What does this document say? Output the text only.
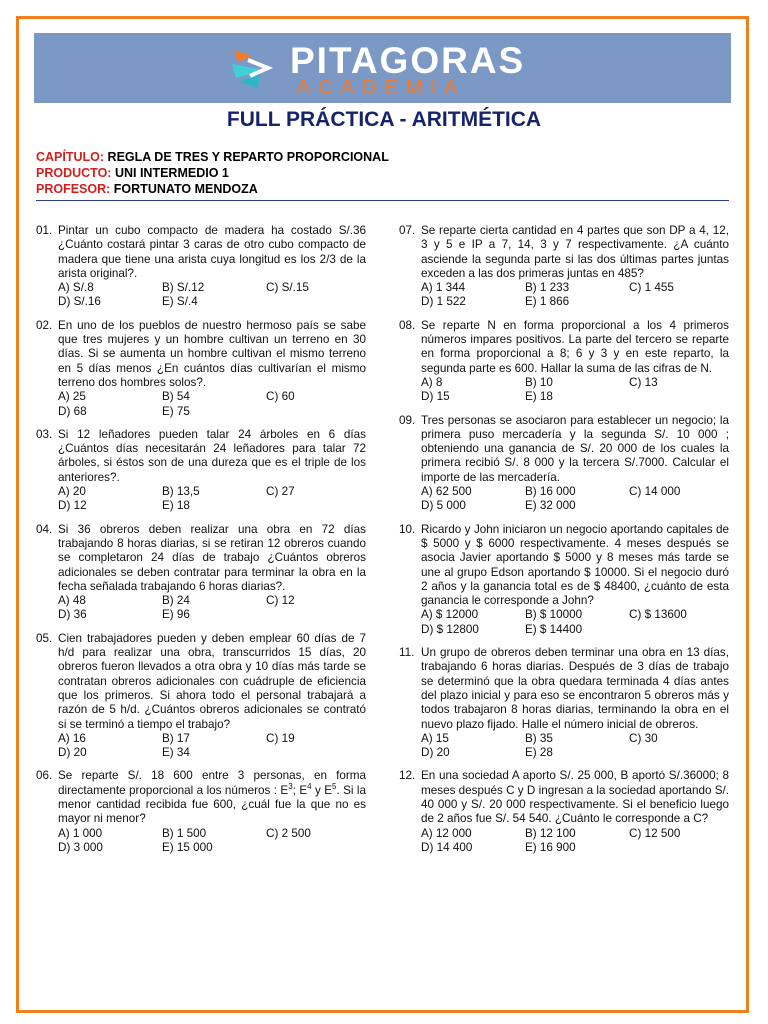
PITAGORAS
ACADEMIA
FULL PRÁCTICA - ARITMÉTICA
CAPÍTULO: REGLA DE TRES Y REPARTO PROPORCIONAL
PRODUCTO: UNI INTERMEDIO 1
PROFESOR: FORTUNATO MENDOZA
01. Pintar un cubo compacto de madera ha costado S/.36 ¿Cuánto costará pintar 3 caras de otro cubo compacto de madera que tiene una arista cuya longitud es los 2/3 de la arista original?.
A) S/.8	B) S/.12	C) S/.15
D) S/.16	E) S/.4
02. En uno de los pueblos de nuestro hermoso país se sabe que tres mujeres y un hombre cultivan un terreno en 30 días. Si se aumenta un hombre cultivan el mismo terreno en 5 días menos ¿En cuántos días cultivarían el mismo terreno dos hombres solos?.
A) 25	B) 54	C) 60
D) 68	E) 75
03. Si 12 leñadores pueden talar 24 árboles en 6 días ¿Cuántos días necesitarán 24 leñadores para talar 72 árboles, si éstos son de una dureza que es el triple de los anteriores?.
A) 20	B) 13,5	C) 27
D) 12	E) 18
04. Si 36 obreros deben realizar una obra en 72 días trabajando 8 horas diarias, si se retiran 12 obreros cuando se completaron 24 días de trabajo ¿Cuántos obreros adicionales se deben contratar para terminar la obra en la fecha señalada trabajando 6 horas diarias?.
A) 48	B) 24	C) 12
D) 36	E) 96
05. Cien trabajadores pueden y deben emplear 60 días de 7 h/d para realizar una obra, transcurridos 15 días, 20 obreros fueron llevados a otra obra y 10 días más tarde se contratan obreros adicionales con cuádruple de eficiencia que los primeros. Si ahora todo el personal trabajará a razón de 5 h/d. ¿Cuántos obreros adicionales se contrató si se terminó a tiempo el trabajo?
A) 16	B) 17	C) 19
D) 20	E) 34
06. Se reparte S/. 18 600 entre 3 personas, en forma directamente proporcional a los números : $E^3$; $E^4$ y $E^5$. Si la menor cantidad recibida fue 600, ¿cuál fue la que no es mayor ni menor?
A) 1 000	B) 1 500	C) 2 500
D) 3 000	E) 15 000
07. Se reparte cierta cantidad en 4 partes que son DP a 4, 12, 3 y 5 e IP a 7, 14, 3 y 7 respectivamente. ¿A cuánto asciende la segunda parte si las dos últimas partes juntas exceden a las dos primeras juntas en 485?
A) 1 344	B) 1 233	C) 1 455
D) 1 522	E) 1 866
08. Se reparte N en forma proporcional a los 4 primeros números impares positivos. La parte del tercero se reparte en forma proporcional a 8; 6 y 3 y en este reparto, la segunda parte es 600. Hallar la suma de las cifras de N.
A) 8	B) 10	C) 13
D) 15	E) 18
09. Tres personas se asociaron para establecer un negocio; la primera puso mercadería y la segunda S/. 10 000 ; obteniendo una ganancia de S/. 20 000 de los cuales la primera recibió S/. 8 000 y la tercera S/.7000. Calcular el importe de las mercadería.
A) 62 500	B) 16 000	C) 14 000
D) 5 000	E) 32 000
10. Ricardo y John iniciaron un negocio aportando capitales de $ 5000 y $ 6000 respectivamente. 4 meses después se asocia Javier aportando $ 5000 y 8 meses más tarde se une al grupo Edson aportando $ 10000. Si el negocio duró 2 años y la ganancia total es de $ 48400, ¿cuánto de esta ganancia le corresponde a John?
A) $ 12000	B) $ 10000	C) $ 13600
D) $ 12800	E) $ 14400
11. Un grupo de obreros deben terminar una obra en 13 días, trabajando 6 horas diarias. Después de 3 días de trabajo se determinó que la obra quedara terminada 4 días antes del plazo inicial y para eso se encontraron 5 obreros más y todos trabajaron 8 horas diarias, terminando la obra en el nuevo plazo fijado. Halle el número inicial de obreros.
A) 15	B) 35	C) 30
D) 20	E) 28
12. En una sociedad A aporto S/. 25 000, B aportó S/.36000; 8 meses después C y D ingresan a la sociedad aportando S/. 40 000 y S/. 20 000 respectivamente. Si el beneficio luego de 2 años fue S/. 54 540. ¿Cuánto le corresponde a C?
A) 12 000	B) 12 100	C) 12 500
D) 14 400	E) 16 900
